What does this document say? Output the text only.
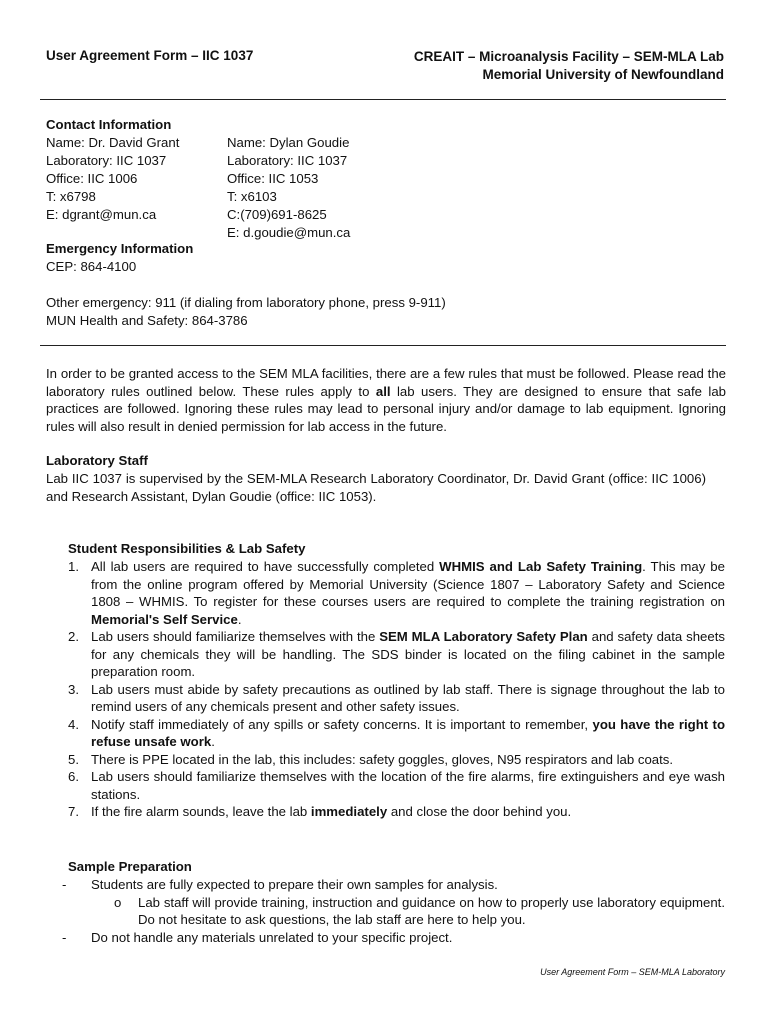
User Agreement Form – IIC 1037	CREAIT – Microanalysis Facility – SEM-MLA Lab
Memorial University of Newfoundland
Contact Information
Name: Dr. David Grant
Laboratory: IIC 1037
Office: IIC 1006
T: x6798
E: dgrant@mun.ca
Name: Dylan Goudie
Laboratory: IIC 1037
Office: IIC 1053
T: x6103
C:(709)691-8625
E: d.goudie@mun.ca
Emergency Information
CEP: 864-4100
Other emergency: 911 (if dialing from laboratory phone, press 9-911)
MUN Health and Safety: 864-3786
In order to be granted access to the SEM MLA facilities, there are a few rules that must be followed. Please read the laboratory rules outlined below. These rules apply to all lab users. They are designed to ensure that safe lab practices are followed. Ignoring these rules may lead to personal injury and/or damage to lab equipment. Ignoring rules will also result in denied permission for lab access in the future.
Laboratory Staff
Lab IIC 1037 is supervised by the SEM-MLA Research Laboratory Coordinator, Dr. David Grant (office: IIC 1006) and Research Assistant, Dylan Goudie (office: IIC 1053).
Student Responsibilities & Lab Safety
1. All lab users are required to have successfully completed WHMIS and Lab Safety Training. This may be from the online program offered by Memorial University (Science 1807 – Laboratory Safety and Science 1808 – WHMIS. To register for these courses users are required to complete the training registration on Memorial's Self Service.
2. Lab users should familiarize themselves with the SEM MLA Laboratory Safety Plan and safety data sheets for any chemicals they will be handling. The SDS binder is located on the filing cabinet in the sample preparation room.
3. Lab users must abide by safety precautions as outlined by lab staff. There is signage throughout the lab to remind users of any chemicals present and other safety issues.
4. Notify staff immediately of any spills or safety concerns. It is important to remember, you have the right to refuse unsafe work.
5. There is PPE located in the lab, this includes: safety goggles, gloves, N95 respirators and lab coats.
6. Lab users should familiarize themselves with the location of the fire alarms, fire extinguishers and eye wash stations.
7. If the fire alarm sounds, leave the lab immediately and close the door behind you.
Sample Preparation
- Students are fully expected to prepare their own samples for analysis.
o Lab staff will provide training, instruction and guidance on how to properly use laboratory equipment. Do not hesitate to ask questions, the lab staff are here to help you.
- Do not handle any materials unrelated to your specific project.
User Agreement Form – SEM-MLA Laboratory
